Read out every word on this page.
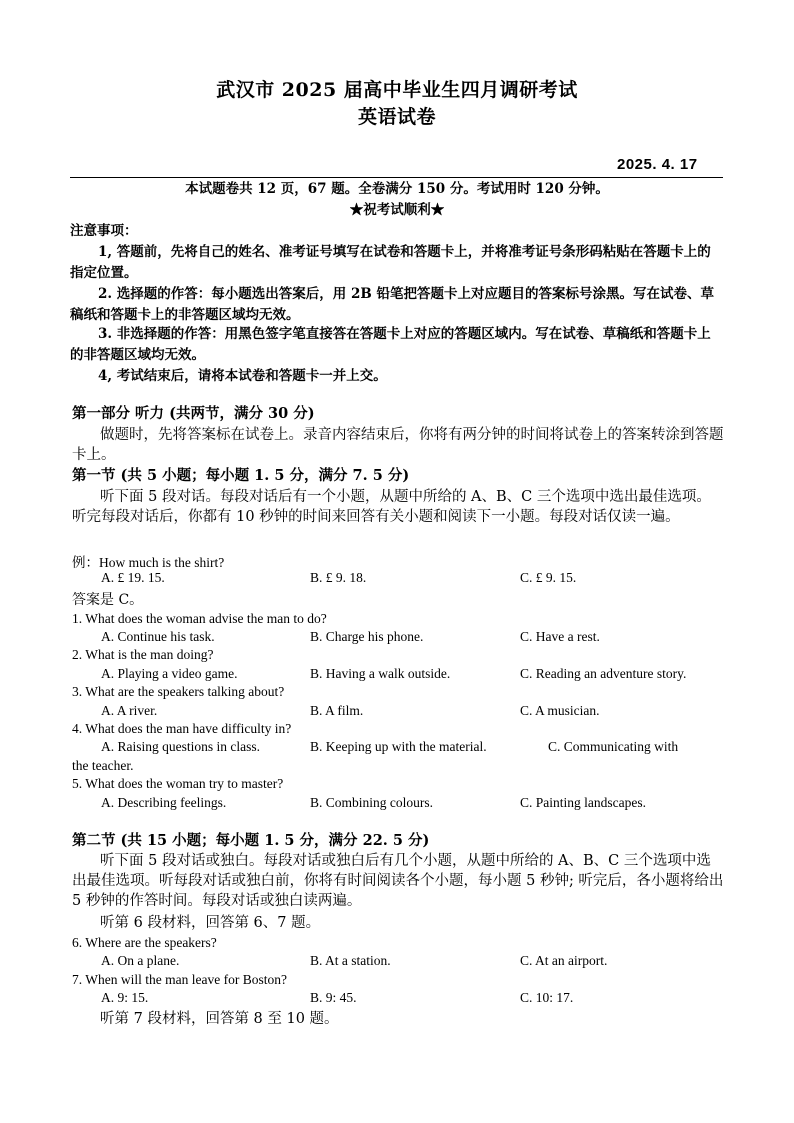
武汉市 2025 届高中毕业生四月调研考试
英语试卷
2025. 4. 17
本试题卷共 12 页，67 题。全卷满分 150 分。考试用时 120 分钟。
★祝考试顺利★
注意事项：
1, 答题前，先将自己的姓名、准考证号填写在试卷和答题卡上，并将准考证号条形码粘贴在答题卡上的指定位置。
2. 选择题的作答：每小题选出答案后，用 2B 铅笔把答题卡上对应题目的答案标号涂黑。写在试卷、草稿纸和答题卡上的非答题区域均无效。
3. 非选择题的作答：用黑色签字笔直接答在答题卡上对应的答题区域内。写在试卷、草稿纸和答题卡上的非答题区域均无效。
4, 考试结束后，请将本试卷和答题卡一并上交。
第一部分 听力 (共两节，满分 30 分)
做题时，先将答案标在试卷上。录音内容结束后，你将有两分钟的时间将试卷上的答案转涂到答题卡上。
第一节 (共 5 小题；每小题 1. 5 分，满分 7. 5 分)
听下面 5 段对话。每段对话后有一个小题，从题中所给的 A、B、C 三个选项中选出最佳选项。听完每段对话后，你都有 10 秒钟的时间来回答有关小题和阅读下一小题。每段对话仅读一遍。
例：How much is the shirt?
A. £ 19. 15.	B. £ 9. 18.	C. £ 9. 15.
答案是 C。
1. What does the woman advise the man to do?
A. Continue his task.	B. Charge his phone.	C. Have a rest.
2. What is the man doing?
A. Playing a video game.	B. Having a walk outside.	C. Reading an adventure story.
3. What are the speakers talking about?
A. A river.	B. A film.	C. A musician.
4. What does the man have difficulty in?
A. Raising questions in class.	B. Keeping up with the material.	C. Communicating with
the teacher.
5. What does the woman try to master?
A. Describing feelings.	B. Combining colours.	C. Painting landscapes.
第二节 (共 15 小题；每小题 1. 5 分，满分 22. 5 分)
听下面 5 段对话或独白。每段对话或独白后有几个小题，从题中所给的 A、B、C 三个选项中选出最佳选项。听每段对话或独白前，你将有时间阅读各个小题，每小题 5 秒钟; 听完后，各小题将给出 5 秒钟的作答时间。每段对话或独白读两遍。
听第 6 段材料，回答第 6、7 题。
6. Where are the speakers?
A. On a plane.	B. At a station.	C. At an airport.
7. When will the man leave for Boston?
A. 9: 15.	B. 9: 45.	C. 10: 17.
听第 7 段材料，回答第 8 至 10 题。
